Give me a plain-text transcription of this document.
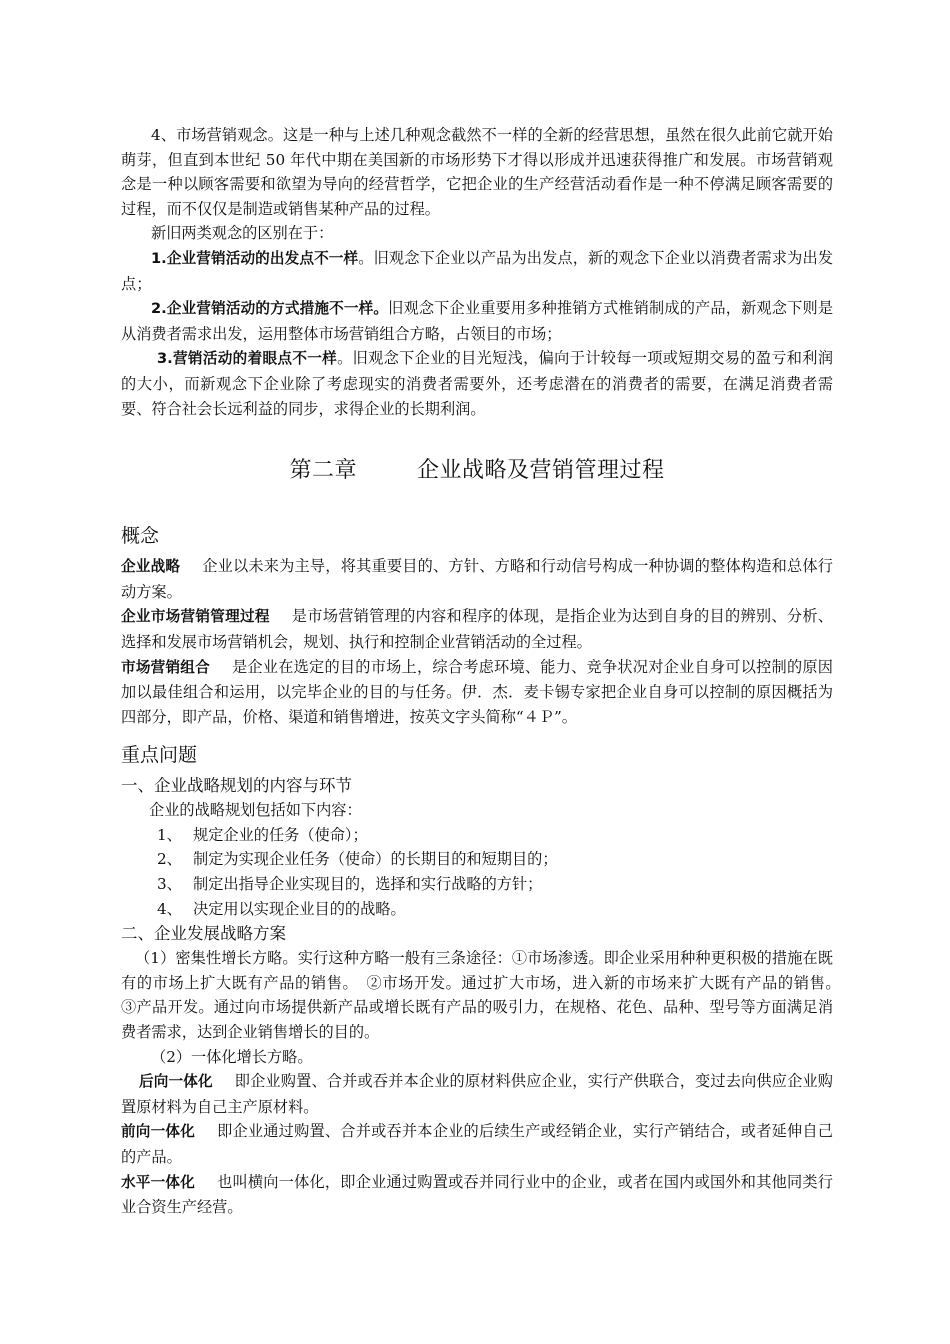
4、市场营销观念。这是一种与上述几种观念截然不一样的全新的经营思想，虽然在很久此前它就开始萌芽，但直到本世纪 50 年代中期在美国新的市场形势下才得以形成并迅速获得推广和发展。市场营销观念是一种以顾客需要和欲望为导向的经营哲学，它把企业的生产经营活动看作是一种不停满足顾客需要的过程，而不仅仅是制造或销售某种产品的过程。

新旧两类观念的区别在于：

1.企业营销活动的出发点不一样。旧观念下企业以产品为出发点，新的观念下企业以消费者需求为出发点；

2.企业营销活动的方式措施不一样。旧观念下企业重要用多种推销方式椎销制成的产品，新观念下则是从消费者需求出发，运用整体市场营销组合方略，占领目的市场；

3.营销活动的着眼点不一样。旧观念下企业的目光短浅，偏向于计较每一项或短期交易的盈亏和利润的大小，而新观念下企业除了考虑现实的消费者需要外，还考虑潜在的消费者的需要，在满足消费者需要、符合社会长远利益的同步，求得企业的长期利润。

第二章	企业战略及营销管理过程
概念

企业战略 企业以未来为主导，将其重要目的、方针、方略和行动信号构成一种协调的整体构造和总体行动方案。

企业市场营销管理过程 是市场营销管理的内容和程序的体现，是指企业为达到自身的目的辨别、分析、选择和发展市场营销机会，规划、执行和控制企业营销活动的全过程。

市场营销组合 是企业在选定的目的市场上，综合考虑环境、能力、竞争状况对企业自身可以控制的原因加以最佳组合和运用，以完毕企业的目的与任务。伊．杰．麦卡锡专家把企业自身可以控制的原因概括为四部分，即产品，价格、渠道和销售增进，按英文字头简称“４Ｐ”。

重点问题
一、企业战略规划的内容与环节

企业的战略规划包括如下内容：

1、 规定企业的任务（使命）；

2、 制定为实现企业任务（使命）的长期目的和短期目的；

3、 制定出指导企业实现目的，选择和实行战略的方针；

4、 决定用以实现企业目的的战略。

二、企业发展战略方案

（1）密集性增长方略。实行这种方略一般有三条途径：①市场渗透。即企业采用种种更积极的措施在既有的市场上扩大既有产品的销售。　②市场开发。通过扩大市场，进入新的市场来扩大既有产品的销售。　③产品开发。通过向市场提供新产品或增长既有产品的吸引力，在规格、花色、品种、型号等方面满足消费者需求，达到企业销售增长的目的。

（2）一体化增长方略。

后向一体化 即企业购置、合并或吞并本企业的原材料供应企业，实行产供联合，变过去向供应企业购置原材料为自己主产原材料。

前向一体化 即企业通过购置、合并或吞并本企业的后续生产或经销企业，实行产销结合，或者延伸自己的产品。

水平一体化 也叫横向一体化，即企业通过购置或吞并同行业中的企业，或者在国内或国外和其他同类行业合资生产经营。
